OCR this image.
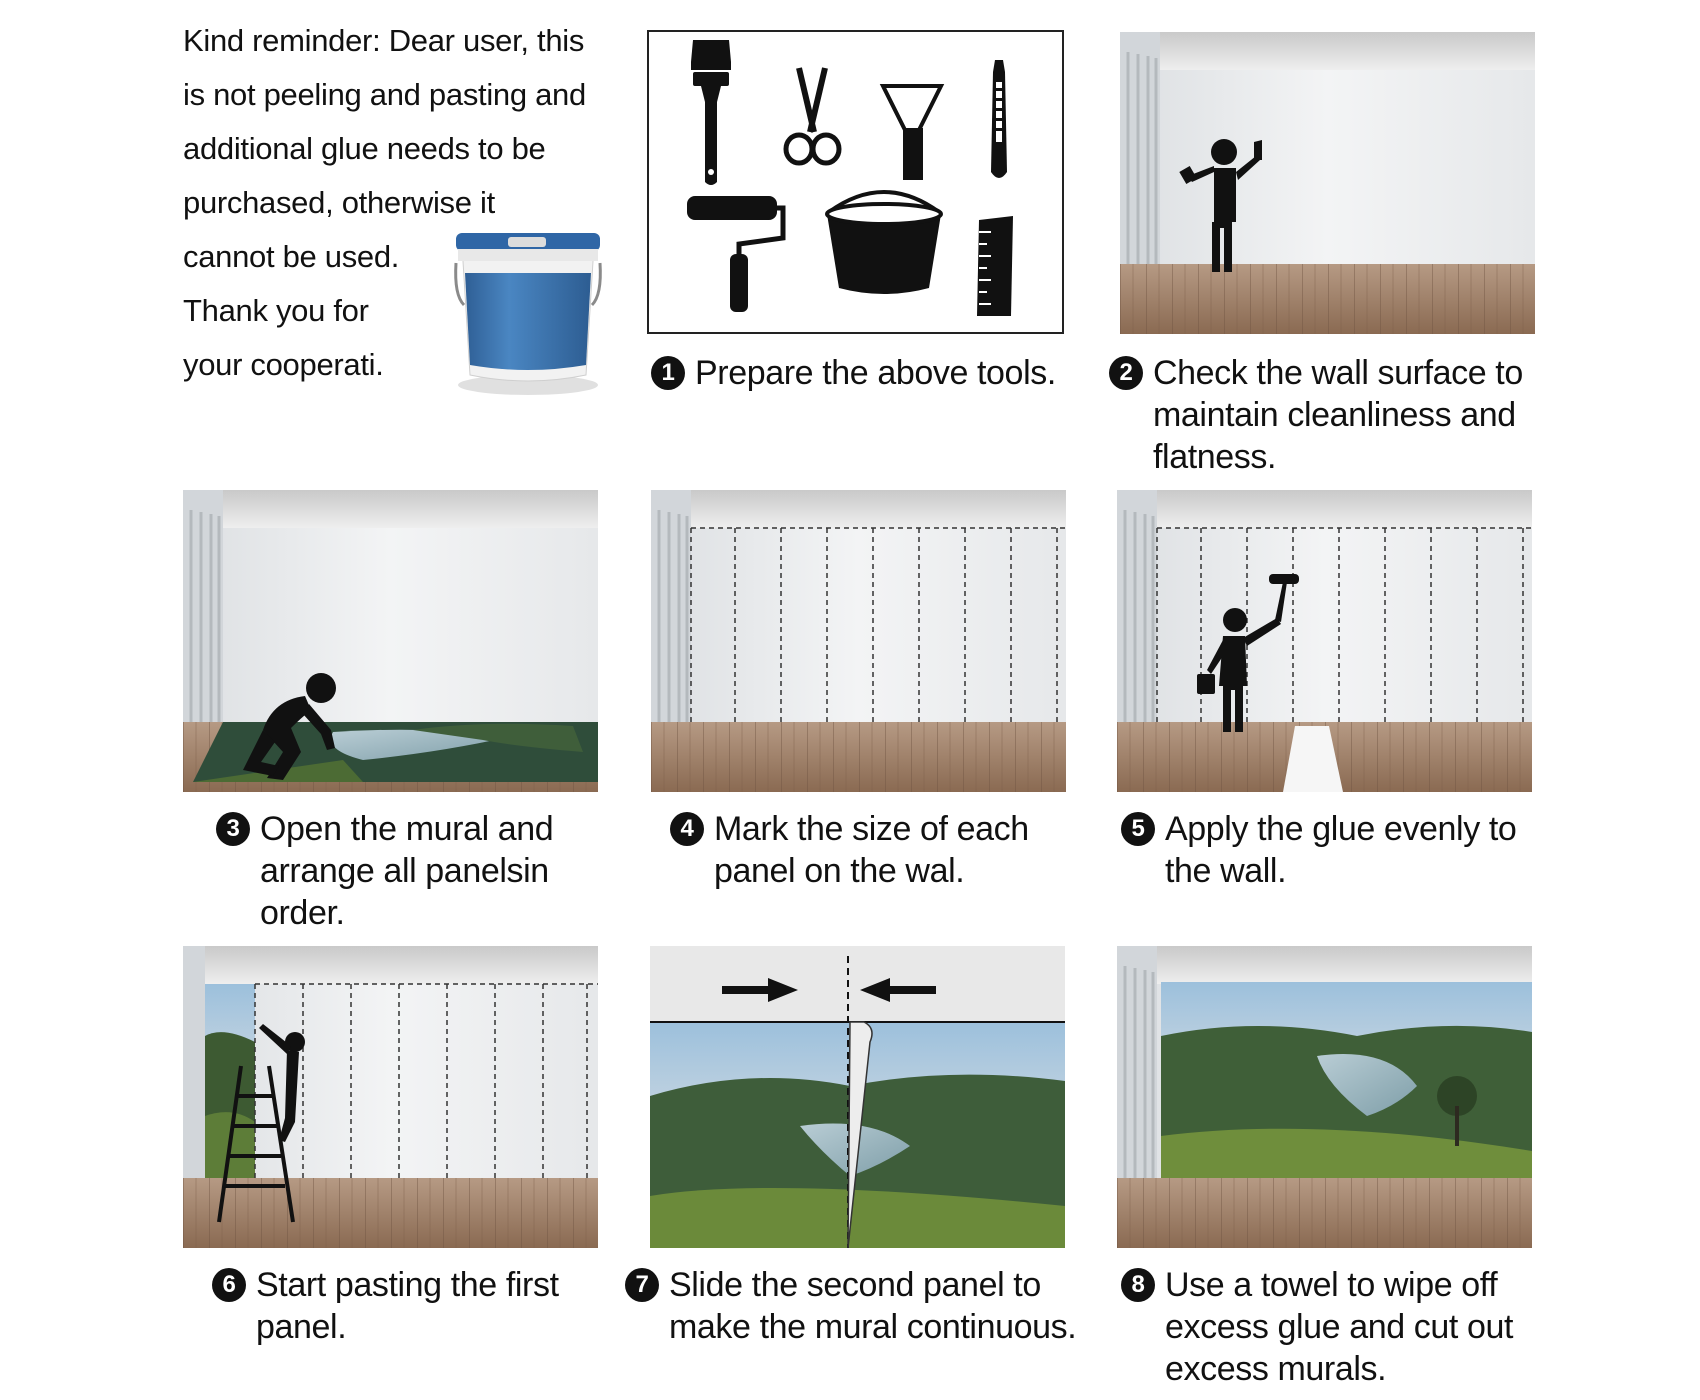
Kind reminder: Dear user, this
is not peeling and pasting and
additional glue needs to be
purchased, otherwise it
cannot be used.
Thank you for
your cooperati.	1 Prepare the above tools.	2 Check the wall surface to
maintain cleanliness and
flatness.
3 Open the mural and
arrange all panelsin
order.
4 Mark the size of each
panel on the wal.
5 Apply the glue evenly to
the wall.
6 Start pasting the first
panel.
7 Slide the second panel to
make the mural continuous.
8 Use a towel to wipe off
excess glue and cut out
excess murals.
